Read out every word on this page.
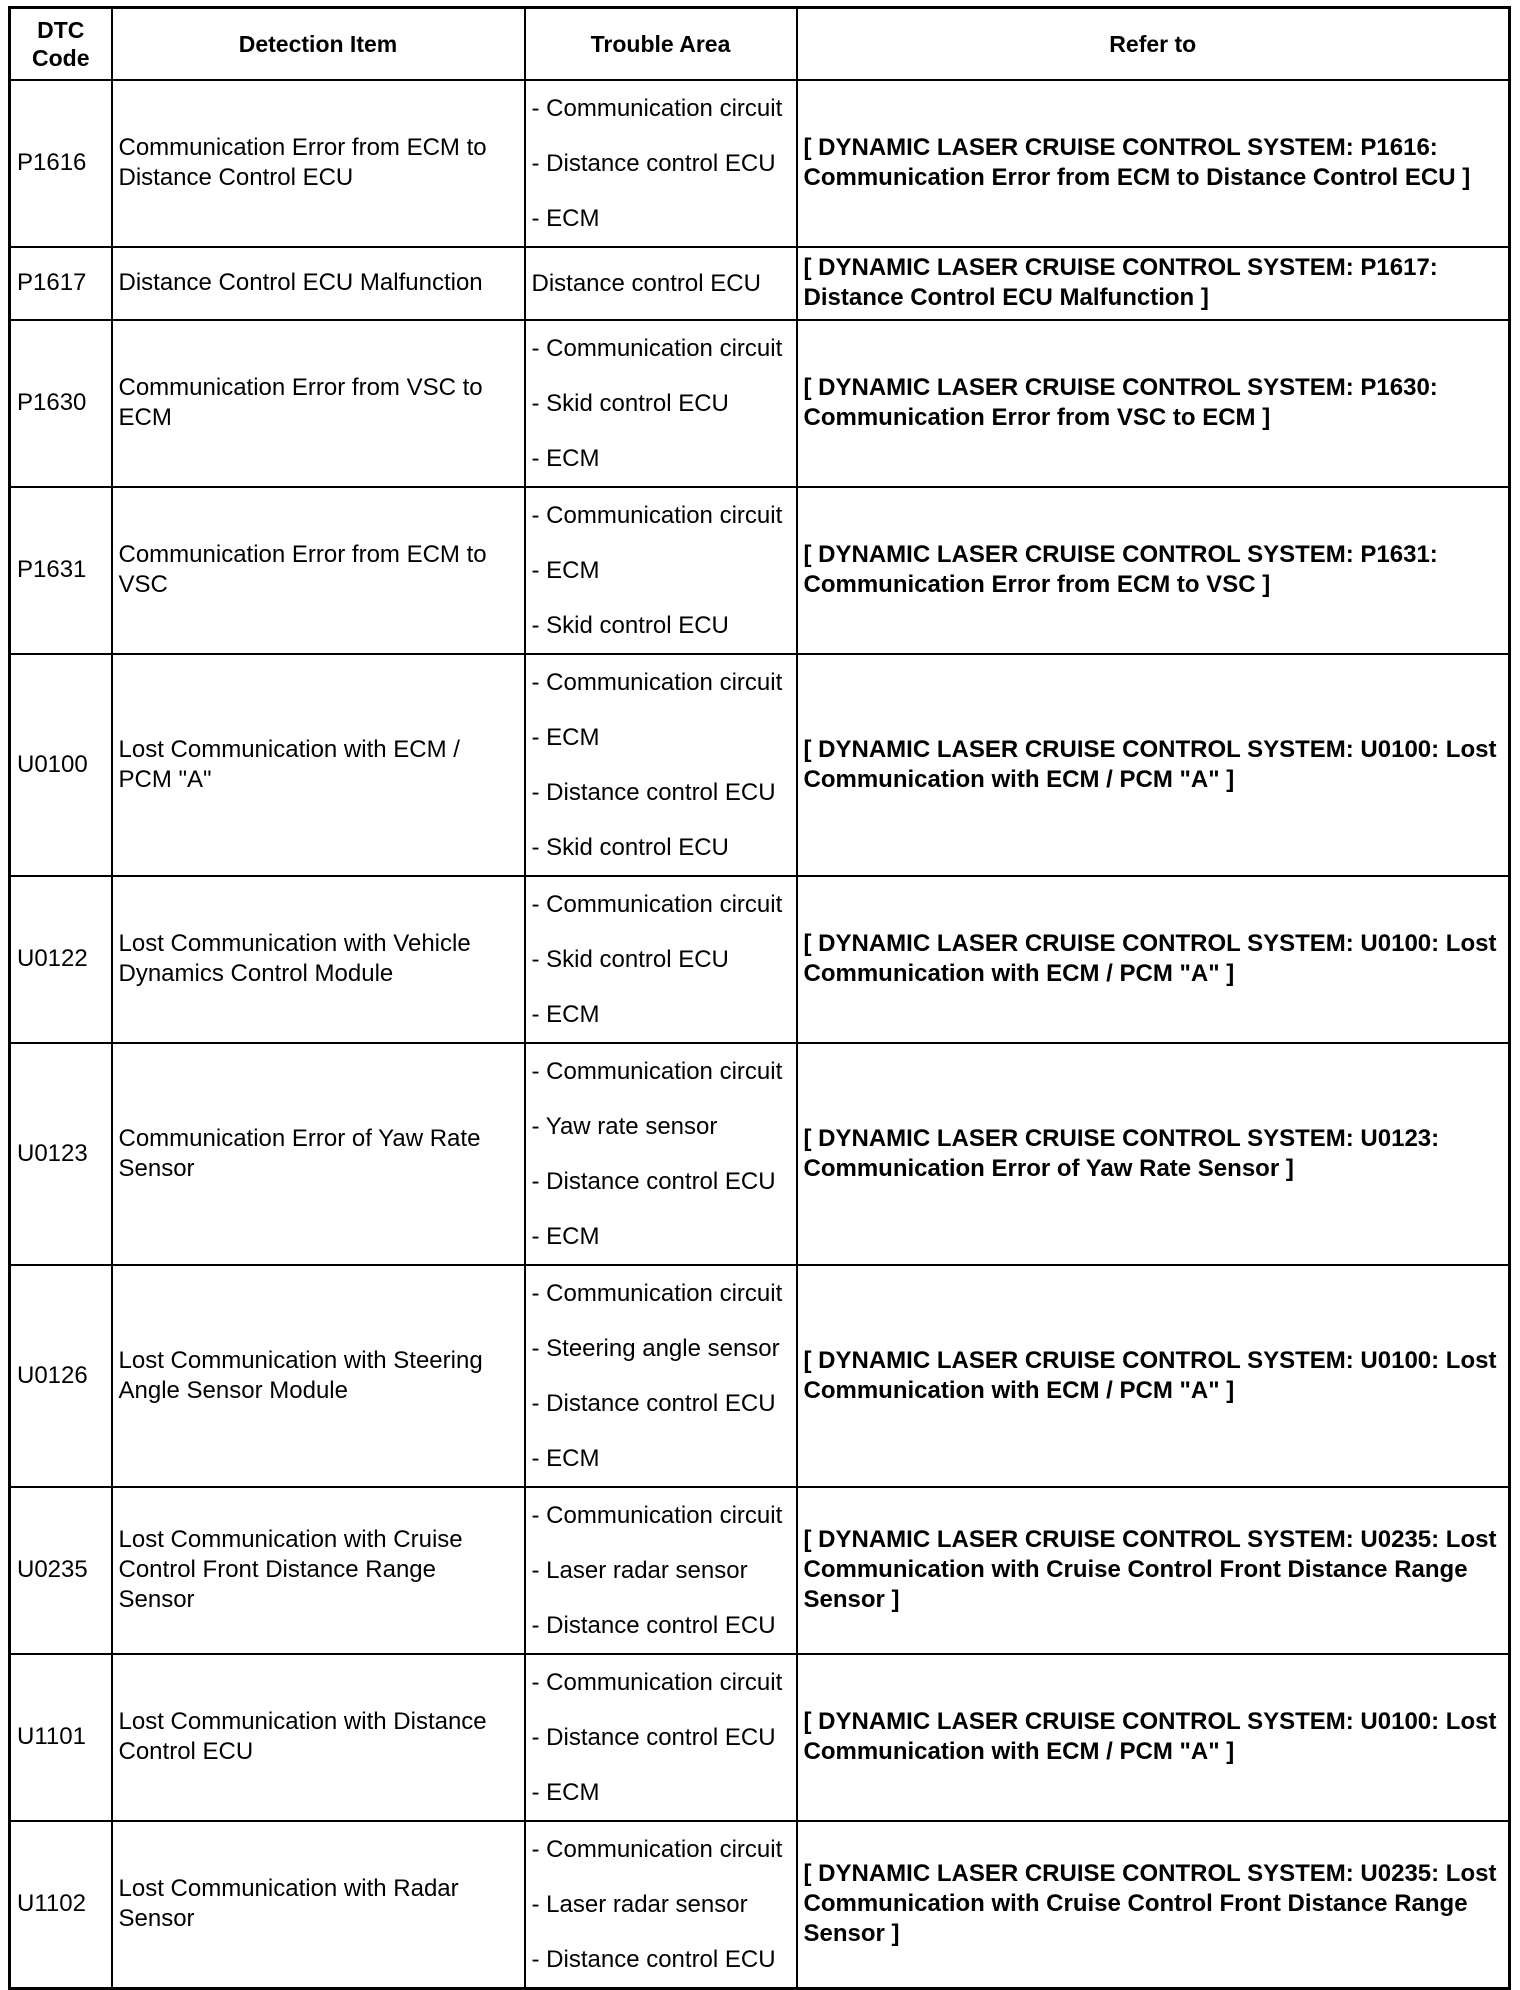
DTC
Code	Detection Item	Trouble Area	Refer to
P1616	Communication Error from ECM to Distance Control ECU	- Communication circuit
- Distance control ECU
- ECM	[ DYNAMIC LASER CRUISE CONTROL SYSTEM: P1616: Communication Error from ECM to Distance Control ECU ]
P1617	Distance Control ECU Malfunction	Distance control ECU	[ DYNAMIC LASER CRUISE CONTROL SYSTEM: P1617: Distance Control ECU Malfunction ]
P1630	Communication Error from VSC to ECM	- Communication circuit
- Skid control ECU
- ECM	[ DYNAMIC LASER CRUISE CONTROL SYSTEM: P1630: Communication Error from VSC to ECM ]
P1631	Communication Error from ECM to VSC	- Communication circuit
- ECM
- Skid control ECU	[ DYNAMIC LASER CRUISE CONTROL SYSTEM: P1631: Communication Error from ECM to VSC ]
U0100	Lost Communication with ECM / PCM "A"	- Communication circuit
- ECM
- Distance control ECU
- Skid control ECU	[ DYNAMIC LASER CRUISE CONTROL SYSTEM: U0100: Lost Communication with ECM / PCM "A" ]
U0122	Lost Communication with Vehicle Dynamics Control Module	- Communication circuit
- Skid control ECU
- ECM	[ DYNAMIC LASER CRUISE CONTROL SYSTEM: U0100: Lost Communication with ECM / PCM "A" ]
U0123	Communication Error of Yaw Rate Sensor	- Communication circuit
- Yaw rate sensor
- Distance control ECU
- ECM	[ DYNAMIC LASER CRUISE CONTROL SYSTEM: U0123: Communication Error of Yaw Rate Sensor ]
U0126	Lost Communication with Steering Angle Sensor Module	- Communication circuit
- Steering angle sensor
- Distance control ECU
- ECM	[ DYNAMIC LASER CRUISE CONTROL SYSTEM: U0100: Lost Communication with ECM / PCM "A" ]
U0235	Lost Communication with Cruise Control Front Distance Range Sensor	- Communication circuit
- Laser radar sensor
- Distance control ECU	[ DYNAMIC LASER CRUISE CONTROL SYSTEM: U0235: Lost Communication with Cruise Control Front Distance Range Sensor ]
U1101	Lost Communication with Distance Control ECU	- Communication circuit
- Distance control ECU
- ECM	[ DYNAMIC LASER CRUISE CONTROL SYSTEM: U0100: Lost Communication with ECM / PCM "A" ]
U1102	Lost Communication with Radar Sensor	- Communication circuit
- Laser radar sensor
- Distance control ECU	[ DYNAMIC LASER CRUISE CONTROL SYSTEM: U0235: Lost Communication with Cruise Control Front Distance Range Sensor ]
